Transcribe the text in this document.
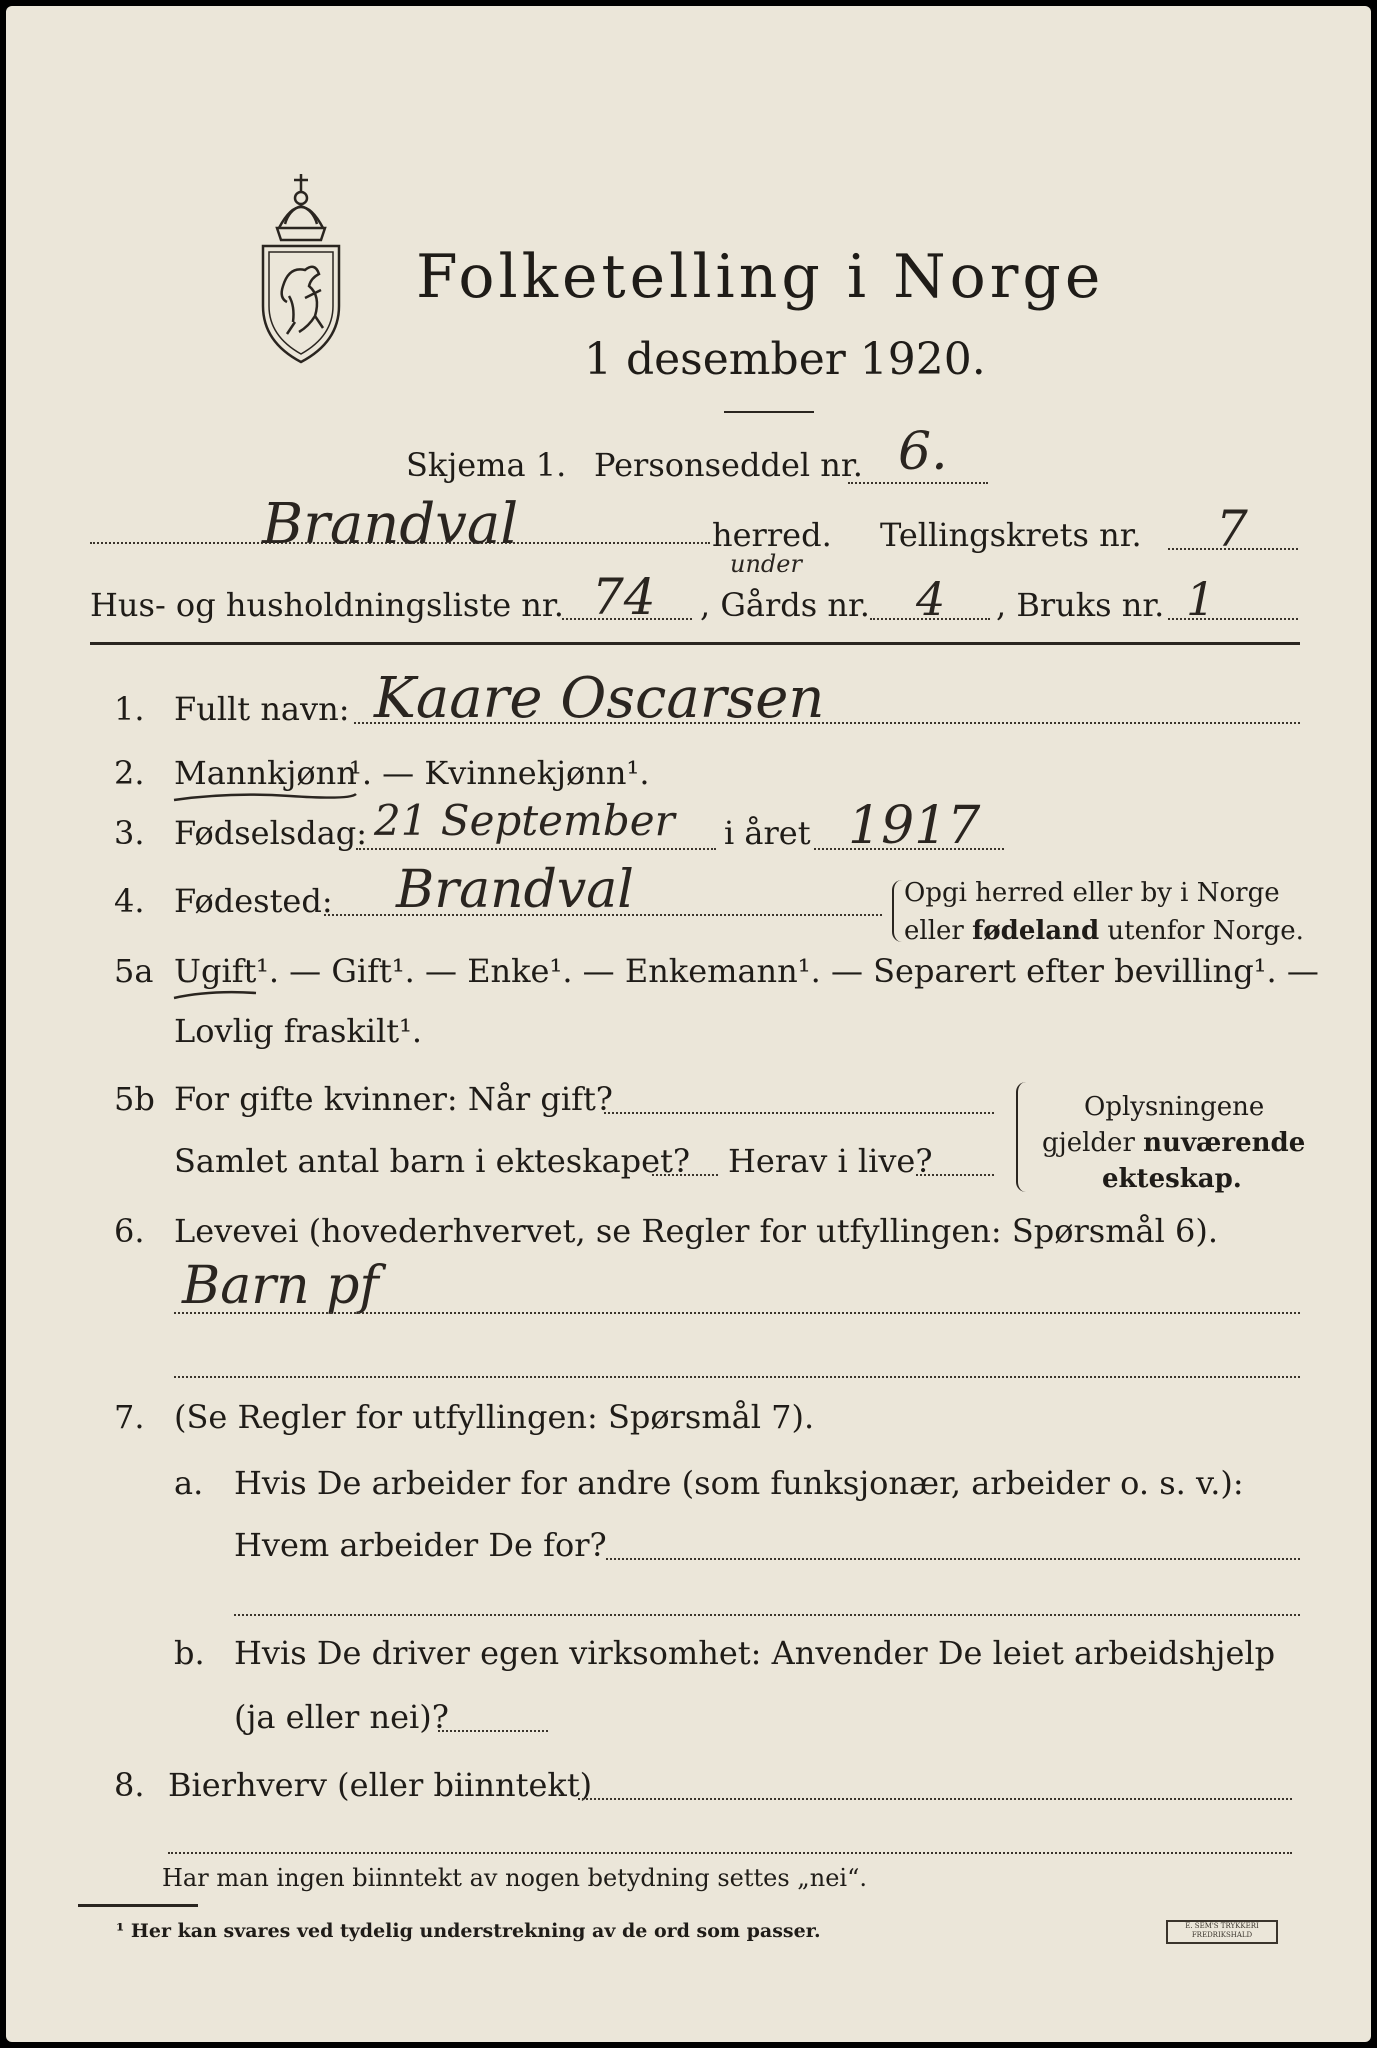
Folketelling i Norge
1 desember 1920.
Skjema 1. Personseddel nr. 6.
Brandval	herred. Tellingskrets nr. 7
Hus- og husholdningsliste nr. 74
under
, Gårds nr. 4 , Bruks nr. 1
1. Fullt navn: Kaare Oscarsen
2. Mannkjønn
¹. — Kvinnekjønn¹.
3. Fødselsdag: 21 September i året 1917
4. Fødested: Brandval	Opgi herred eller by i Norge
eller fødeland utenfor Norge.
5a Ugift ¹. — Gift¹. — Enke¹. — Enkemann¹. — Separert efter bevilling¹. —
Lovlig fraskilt¹.
5b For gifte kvinner: Når gift?
Samlet antal barn i ekteskapet? Herav i live?
Oplysningene
gjelder nuværende
ekteskap.
6. Levevei (hovederhvervet, se Regler for utfyllingen: Spørsmål 6).
Barn pf
7. (Se Regler for utfyllingen: Spørsmål 7).
a. Hvis De arbeider for andre (som funksjonær, arbeider o. s. v.):
Hvem arbeider De for?
b. Hvis De driver egen virksomhet: Anvender De leiet arbeidshjelp
(ja eller nei)?
8. Bierhverv (eller biinntekt)
Har man ingen biinntekt av nogen betydning settes „nei“.
¹ Her kan svares ved tydelig understrekning av de ord som passer.	E. SEM'S TRYKKERI FREDRIKSHALD
